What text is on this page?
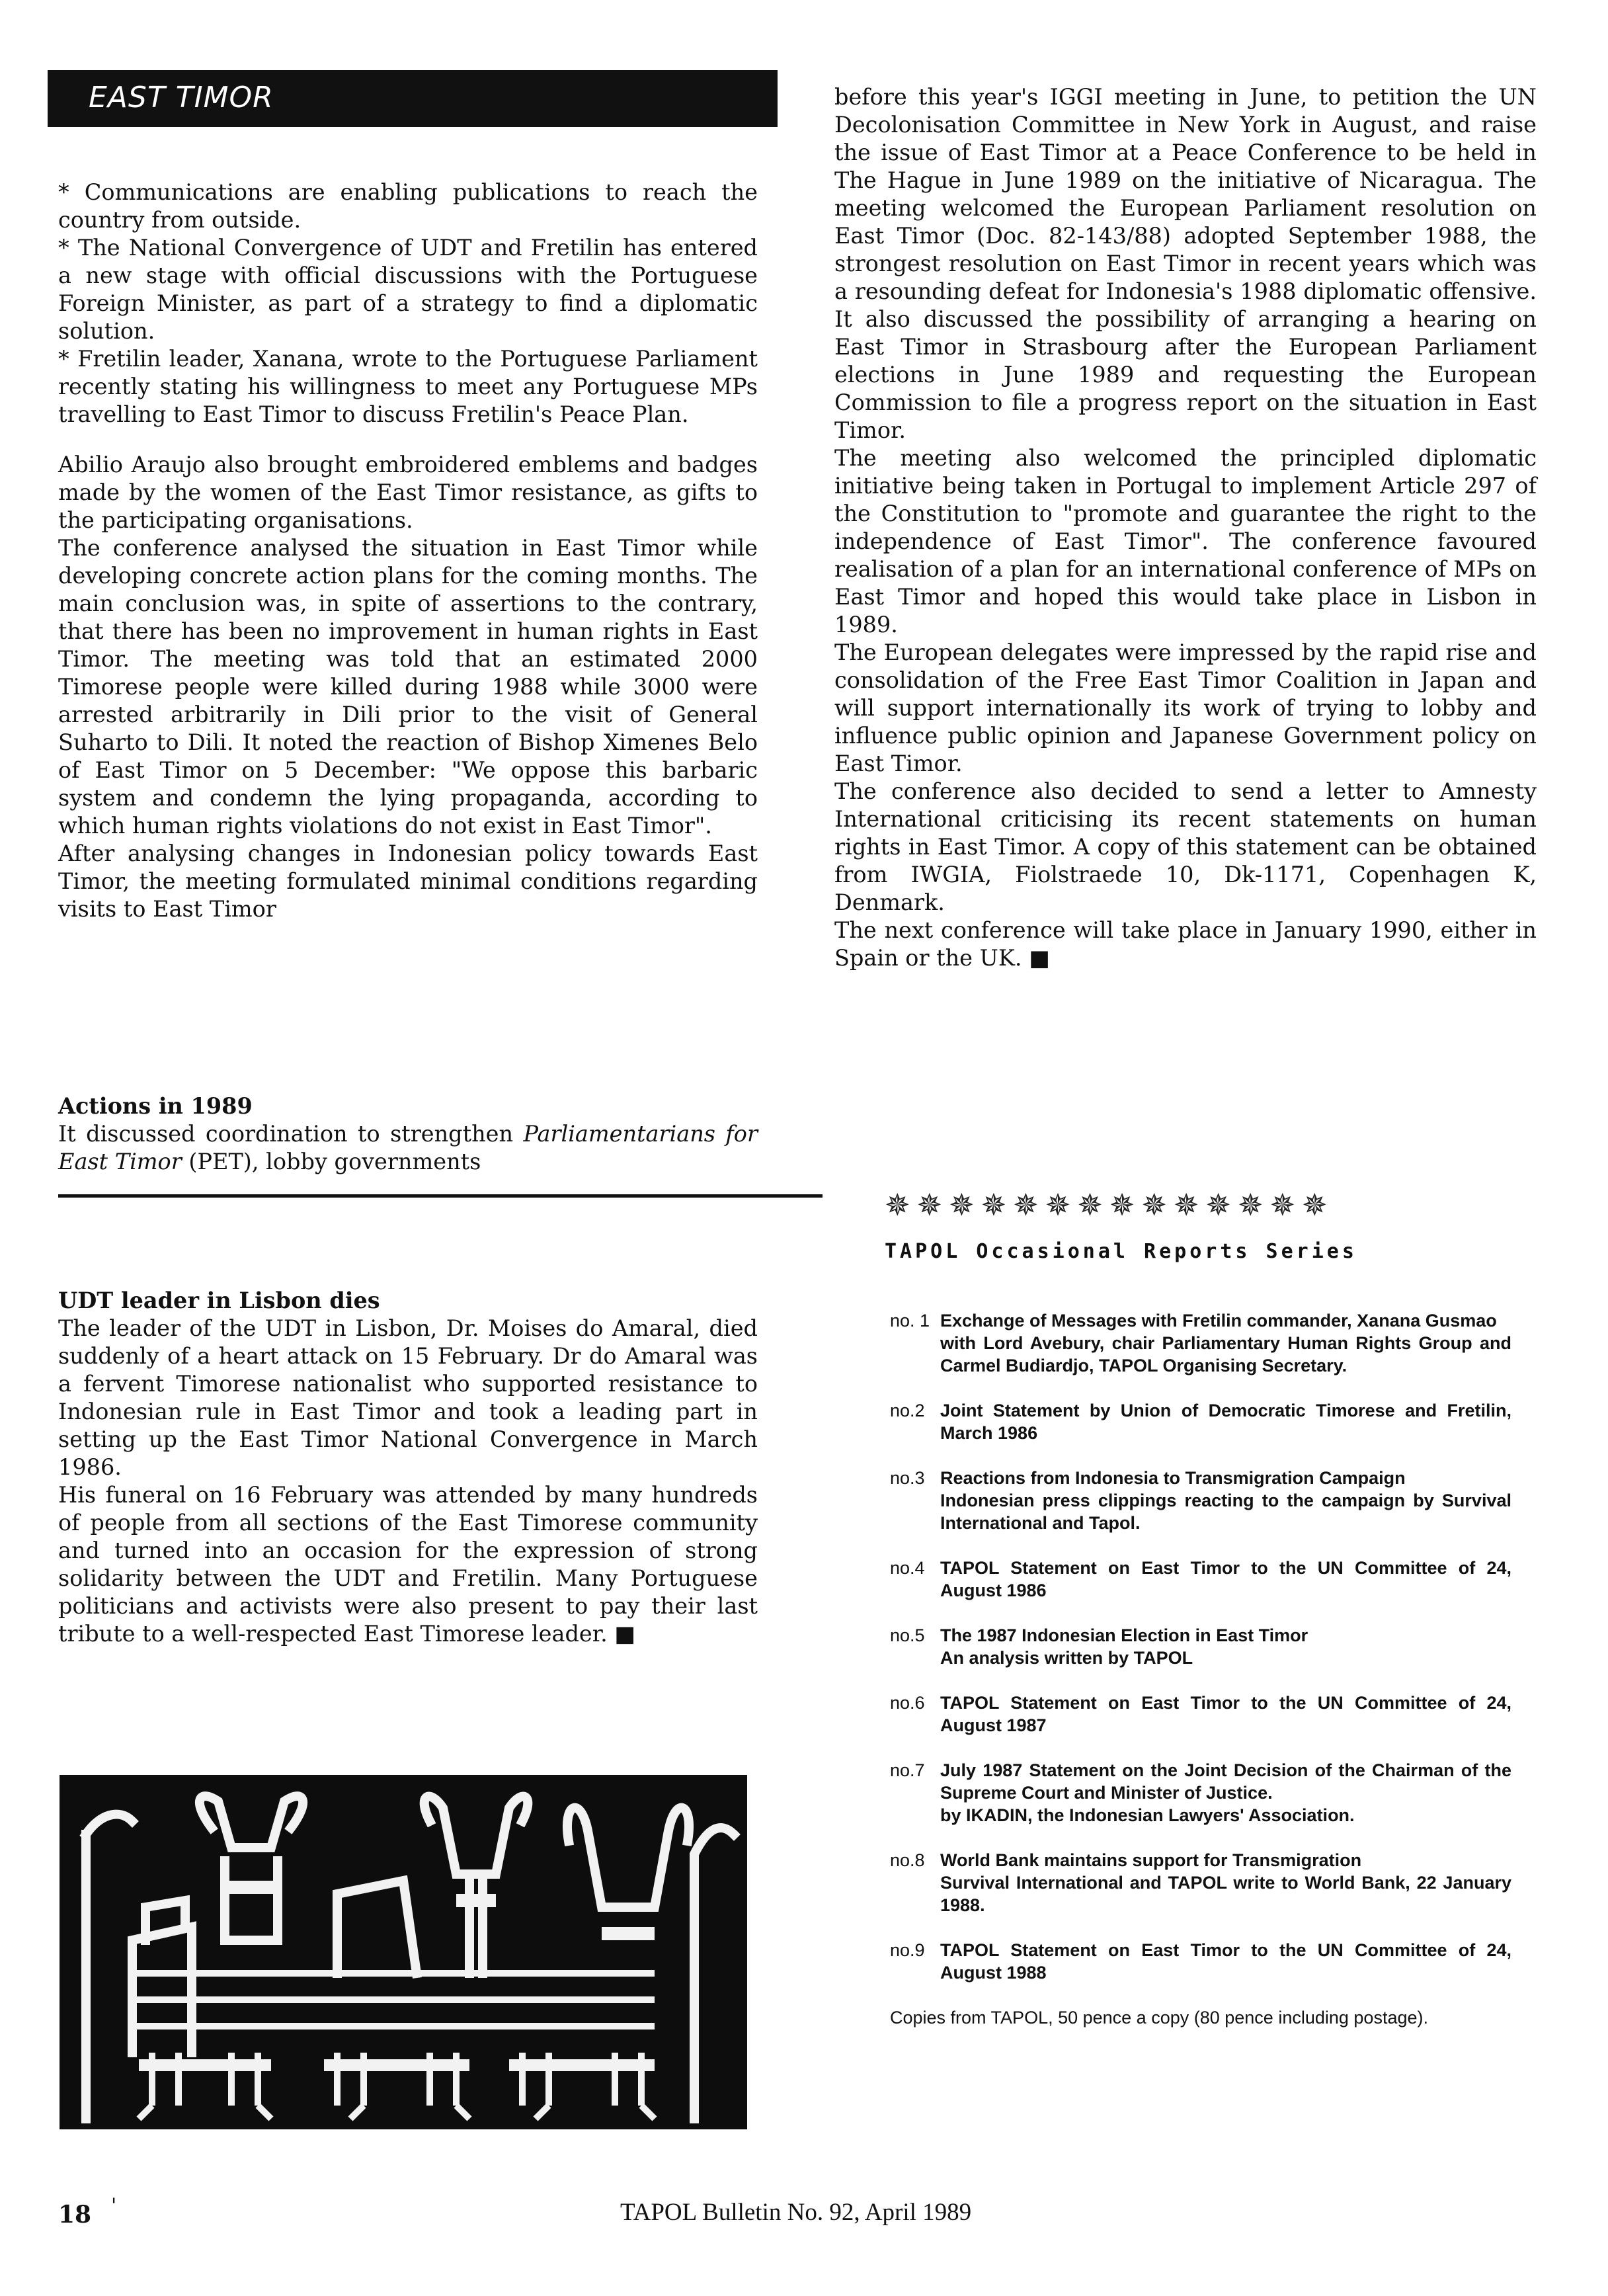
EAST TIMOR

* Communications are enabling publications to reach the country from outside.

* The National Convergence of UDT and Fretilin has entered a new stage with official discussions with the Portuguese Foreign Minister, as part of a strategy to find a diplomatic solution.

* Fretilin leader, Xanana, wrote to the Portuguese Parliament recently stating his willingness to meet any Portuguese MPs travelling to East Timor to discuss Fretilin's Peace Plan.

Abilio Araujo also brought embroidered emblems and badges made by the women of the East Timor resistance, as gifts to the participating organisations.

The conference analysed the situation in East Timor while developing concrete action plans for the coming months. The main conclusion was, in spite of assertions to the contrary, that there has been no improvement in human rights in East Timor. The meeting was told that an estimated 2000 Timorese people were killed during 1988 while 3000 were arrested arbitrarily in Dili prior to the visit of General Suharto to Dili. It noted the reaction of Bishop Ximenes Belo of East Timor on 5 December: "We oppose this barbaric system and condemn the lying propaganda, according to which human rights violations do not exist in East Timor".

After analysing changes in Indonesian policy towards East Timor, the meeting formulated minimal conditions regarding visits to East Timor

before this year's IGGI meeting in June, to petition the UN Decolonisation Committee in New York in August, and raise the issue of East Timor at a Peace Conference to be held in The Hague in June 1989 on the initiative of Nicaragua. The meeting welcomed the European Parliament resolution on East Timor (Doc. 82-143/88) adopted September 1988, the strongest resolution on East Timor in recent years which was a resounding defeat for Indonesia's 1988 diplomatic offensive. It also discussed the possibility of arranging a hearing on East Timor in Strasbourg after the European Parliament elections in June 1989 and requesting the European Commission to file a progress report on the situation in East Timor.

The meeting also welcomed the principled diplomatic initiative being taken in Portugal to implement Article 297 of the Constitution to "promote and guarantee the right to the independence of East Timor". The conference favoured realisation of a plan for an international conference of MPs on East Timor and hoped this would take place in Lisbon in 1989.

The European delegates were impressed by the rapid rise and consolidation of the Free East Timor Coalition in Japan and will support internationally its work of trying to lobby and influence public opinion and Japanese Government policy on East Timor.

The conference also decided to send a letter to Amnesty International criticising its recent statements on human rights in East Timor. A copy of this statement can be obtained from IWGIA, Fiolstraede 10, Dk-1171, Copenhagen K, Denmark.

The next conference will take place in January 1990, either in Spain or the UK. ■

Actions in 1989

It discussed coordination to strengthen Parliamentarians for East Timor (PET), lobby governments

UDT leader in Lisbon dies

The leader of the UDT in Lisbon, Dr. Moises do Amaral, died suddenly of a heart attack on 15 February. Dr do Amaral was a fervent Timorese nationalist who supported resistance to Indonesian rule in East Timor and took a leading part in setting up the East Timor National Convergence in March 1986.

His funeral on 16 February was attended by many hundreds of people from all sections of the East Timorese community and turned into an occasion for the expression of strong solidarity between the UDT and Fretilin. Many Portuguese politicians and activists were also present to pay their last tribute to a well-respected East Timorese leader. ■

✵✵✵✵✵✵✵✵✵✵✵✵✵✵
TAPOL Occasional Reports Series
no. 1 Exchange of Messages with Fretilin commander, Xanana Gusmao
with Lord Avebury, chair Parliamentary Human Rights Group and Carmel Budiardjo, TAPOL Organising Secretary.
no.2 Joint Statement by Union of Democratic Timorese and Fretilin, March 1986
no.3 Reactions from Indonesia to Transmigration Campaign
Indonesian press clippings reacting to the campaign by Survival International and Tapol.
no.4 TAPOL Statement on East Timor to the UN Committee of 24, August 1986
no.5 The 1987 Indonesian Election in East Timor
An analysis written by TAPOL
no.6 TAPOL Statement on East Timor to the UN Committee of 24, August 1987
no.7 July 1987 Statement on the Joint Decision of the Chairman of the Supreme Court and Minister of Justice.
by IKADIN, the Indonesian Lawyers' Association.
no.8 World Bank maintains support for Transmigration
Survival International and TAPOL write to World Bank, 22 January 1988.
no.9 TAPOL Statement on East Timor to the UN Committee of 24, August 1988
Copies from TAPOL, 50 pence a copy (80 pence including postage).
18 '	TAPOL Bulletin No. 92, April 1989
